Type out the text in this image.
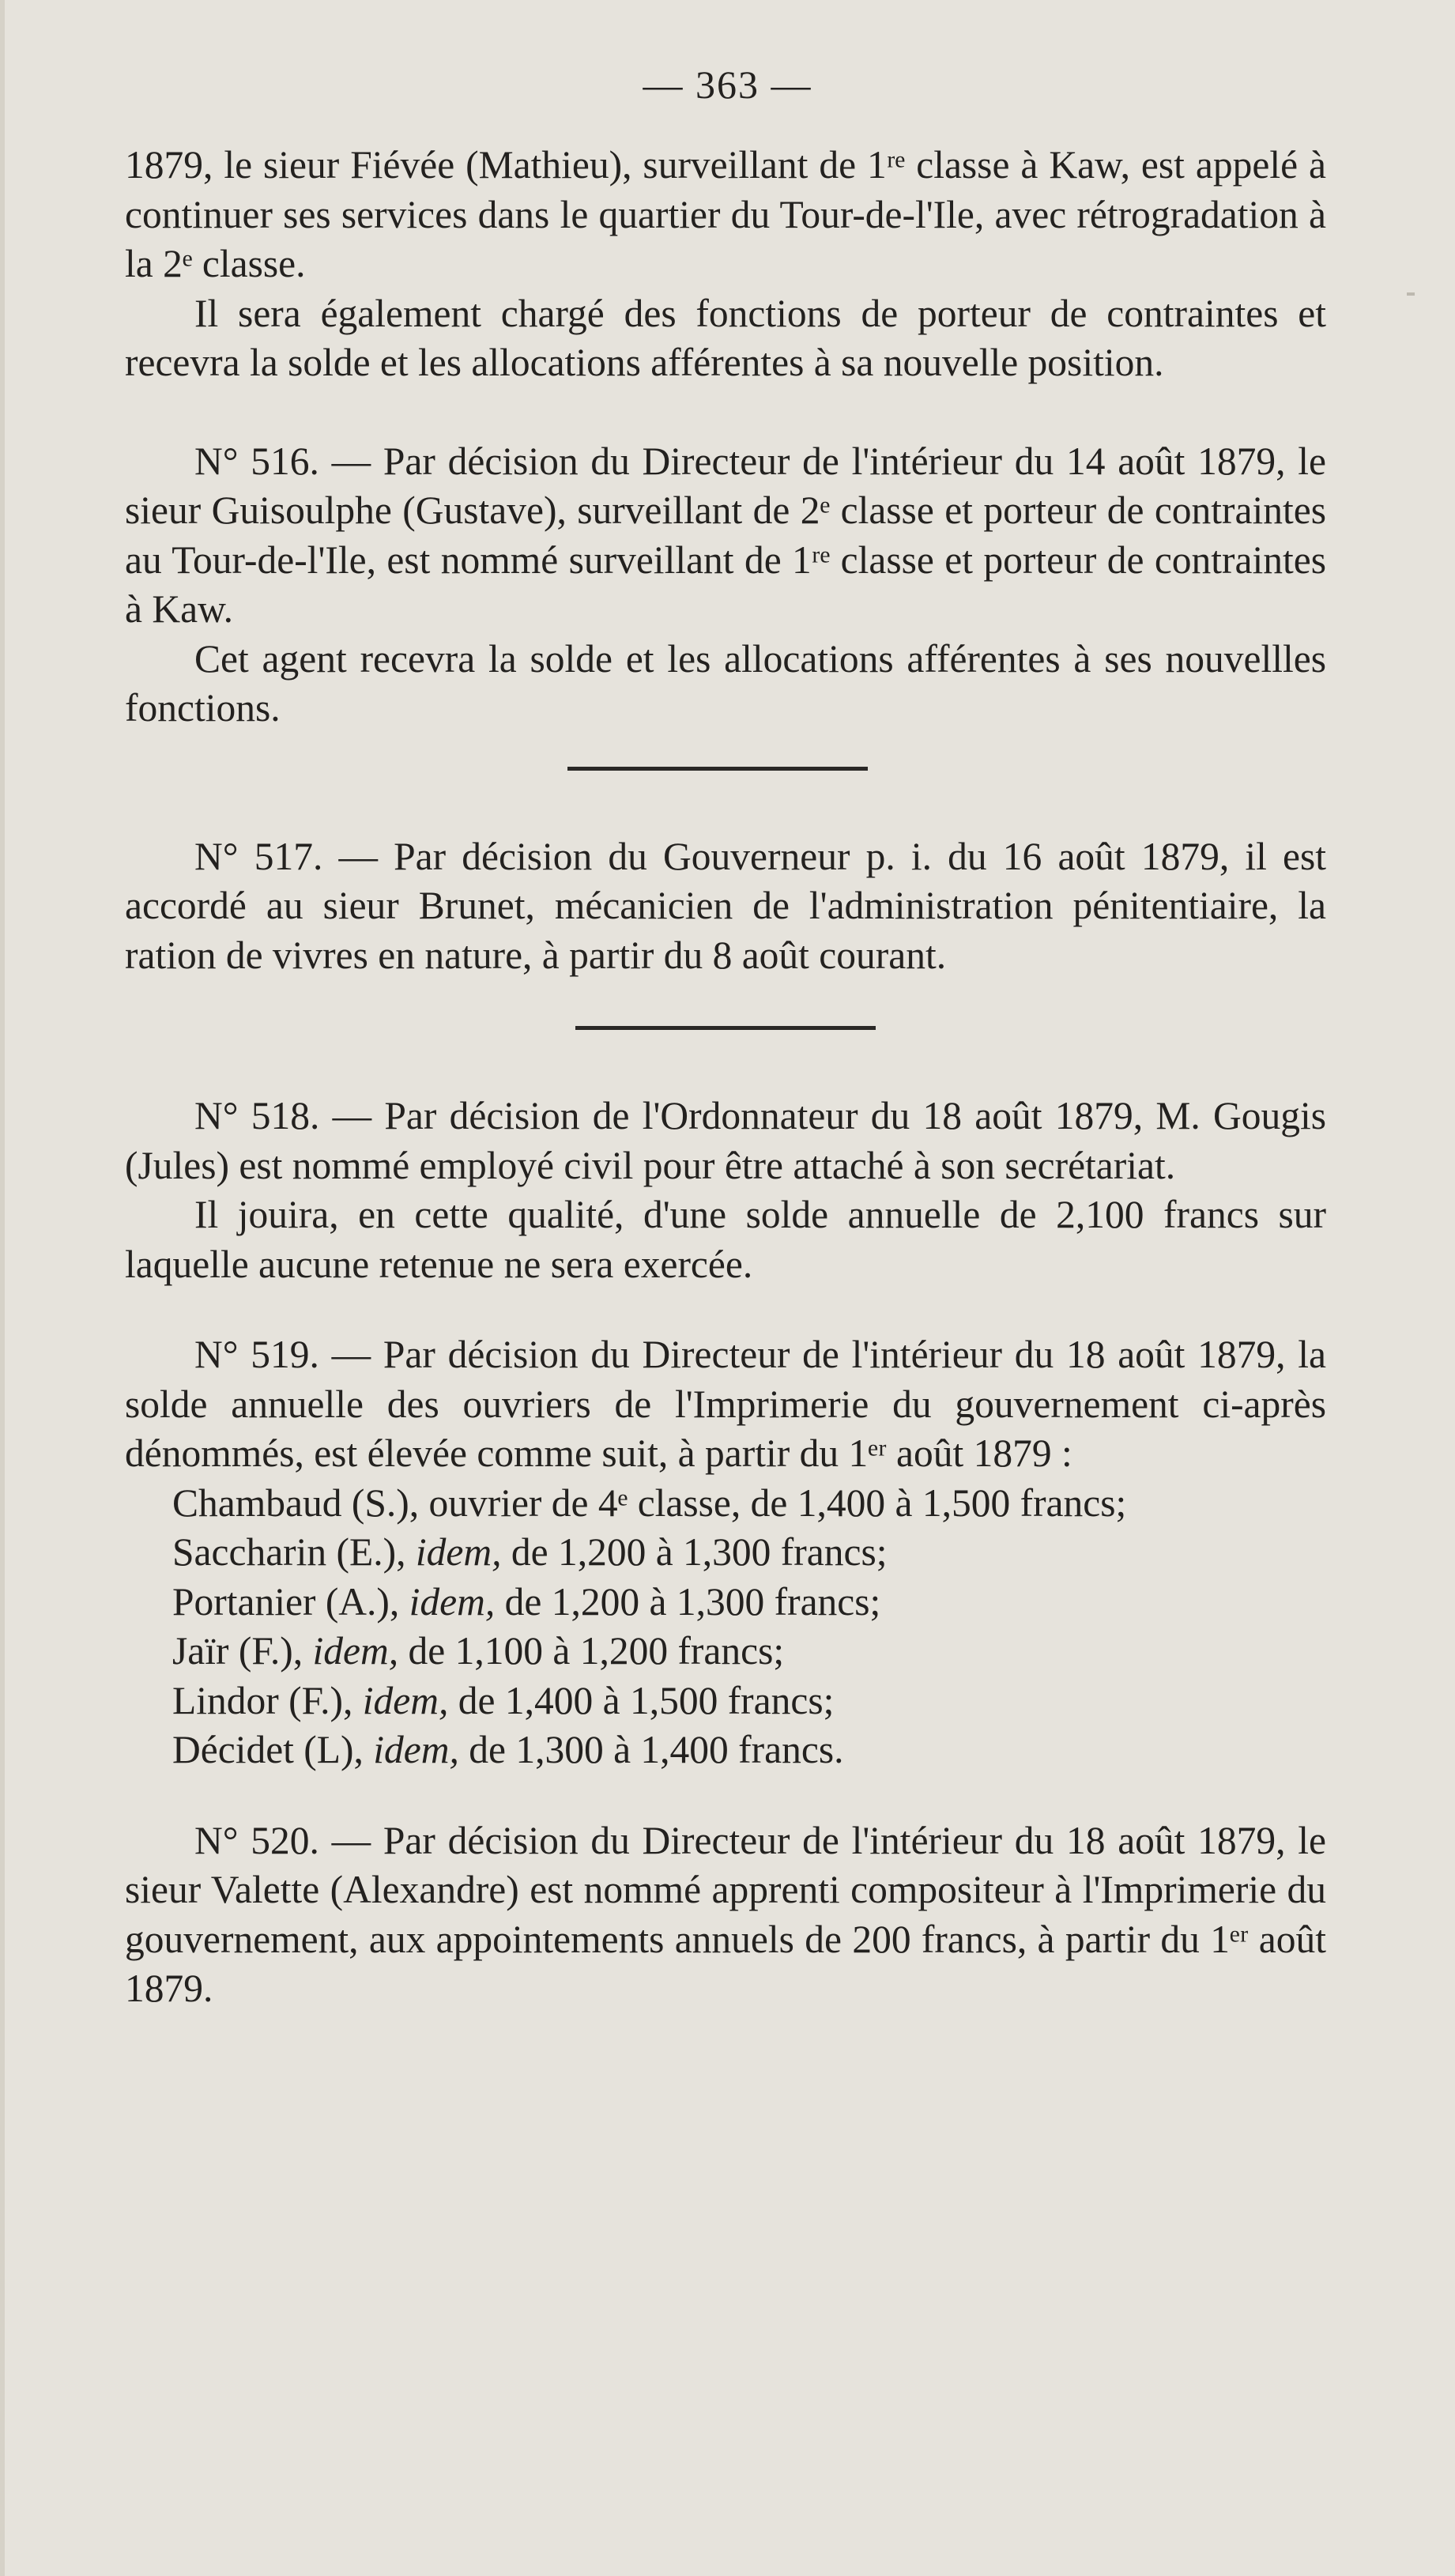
— 363 —

1879, le sieur Fiévée (Mathieu), surveillant de 1ʳᵉ classe à Kaw, est appelé à continuer ses services dans le quartier du Tour-de-l'Ile, avec rétrogradation à la 2ᵉ classe.

Il sera également chargé des fonctions de porteur de contraintes et recevra la solde et les allocations afférentes à sa nouvelle position.

N° 516. — Par décision du Directeur de l'intérieur du 14 août 1879, le sieur Guisoulphe (Gustave), surveillant de 2ᵉ classe et porteur de contraintes au Tour-de-l'Ile, est nommé surveillant de 1ʳᵉ classe et porteur de contraintes à Kaw.

Cet agent recevra la solde et les allocations afférentes à ses nouvellles fonctions.

N° 517. — Par décision du Gouverneur p. i. du 16 août 1879, il est accordé au sieur Brunet, mécanicien de l'administration pénitentiaire, la ration de vivres en nature, à partir du 8 août courant.

N° 518. — Par décision de l'Ordonnateur du 18 août 1879, M. Gougis (Jules) est nommé employé civil pour être attaché à son secrétariat.

Il jouira, en cette qualité, d'une solde annuelle de 2,100 francs sur laquelle aucune retenue ne sera exercée.

N° 519. — Par décision du Directeur de l'intérieur du 18 août 1879, la solde annuelle des ouvriers de l'Imprimerie du gouvernement ci-après dénommés, est élevée comme suit, à partir du 1ᵉʳ août 1879 :

Chambaud (S.), ouvrier de 4ᵉ classe, de 1,400 à 1,500 francs;

Saccharin (E.), idem, de 1,200 à 1,300 francs;

Portanier (A.), idem, de 1,200 à 1,300 francs;

Jaïr (F.), idem, de 1,100 à 1,200 francs;

Lindor (F.), idem, de 1,400 à 1,500 francs;

Décidet (L), idem, de 1,300 à 1,400 francs.

N° 520. — Par décision du Directeur de l'intérieur du 18 août 1879, le sieur Valette (Alexandre) est nommé apprenti compositeur à l'Imprimerie du gouvernement, aux appointements annuels de 200 francs, à partir du 1ᵉʳ août 1879.
